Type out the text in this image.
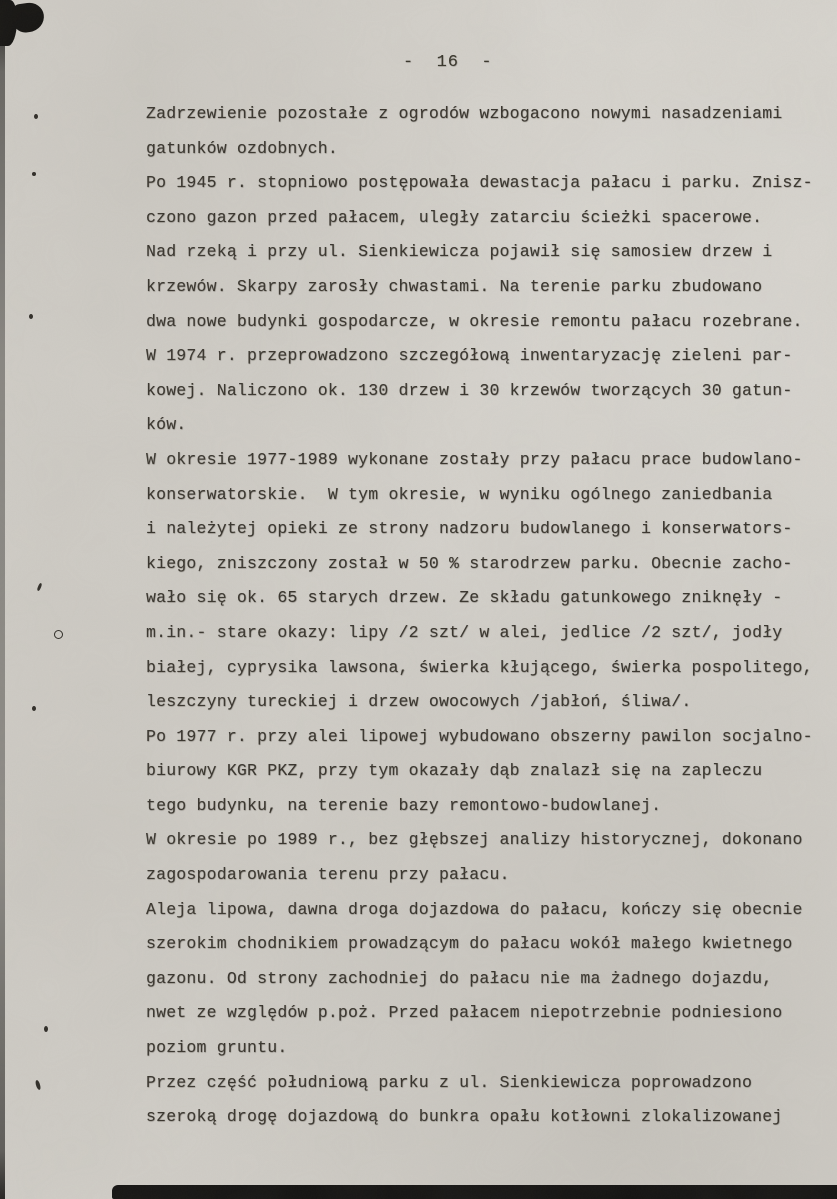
-  16  -
Zadrzewienie pozostałe z ogrodów wzbogacono nowymi nasadzeniami
gatunków ozdobnych.
Po 1945 r. stopniowo postępowała dewastacja pałacu i parku. Znisz-
czono gazon przed pałacem, uległy zatarciu ścieżki spacerowe.
Nad rzeką i przy ul. Sienkiewicza pojawił się samosiew drzew i
krzewów. Skarpy zarosły chwastami. Na terenie parku zbudowano
dwa nowe budynki gospodarcze, w okresie remontu pałacu rozebrane.
W 1974 r. przeprowadzono szczegółową inwentaryzację zieleni par-
kowej. Naliczono ok. 130 drzew i 30 krzewów tworzących 30 gatun-
ków.
W okresie 1977-1989 wykonane zostały przy pałacu prace budowlano-
konserwatorskie.  W tym okresie, w wyniku ogólnego zaniedbania
i należytej opieki ze strony nadzoru budowlanego i konserwators-
kiego, zniszczony został w 50 % starodrzew parku. Obecnie zacho-
wało się ok. 65 starych drzew. Ze składu gatunkowego zniknęły -
m.in.- stare okazy: lipy /2 szt/ w alei, jedlice /2 szt/, jodły
białej, cyprysika lawsona, świerka kłującego, świerka pospolitego,
leszczyny tureckiej i drzew owocowych /jabłoń, śliwa/.
Po 1977 r. przy alei lipowej wybudowano obszerny pawilon socjalno-
biurowy KGR PKZ, przy tym okazały dąb znalazł się na zapleczu
tego budynku, na terenie bazy remontowo-budowlanej.
W okresie po 1989 r., bez głębszej analizy historycznej, dokonano
zagospodarowania terenu przy pałacu.
Aleja lipowa, dawna droga dojazdowa do pałacu, kończy się obecnie
szerokim chodnikiem prowadzącym do pałacu wokół małego kwietnego
gazonu. Od strony zachodniej do pałacu nie ma żadnego dojazdu,
nwet ze względów p.poż. Przed pałacem niepotrzebnie podniesiono
poziom gruntu.
Przez część południową parku z ul. Sienkiewicza poprowadzono
szeroką drogę dojazdową do bunkra opału kotłowni zlokalizowanej
